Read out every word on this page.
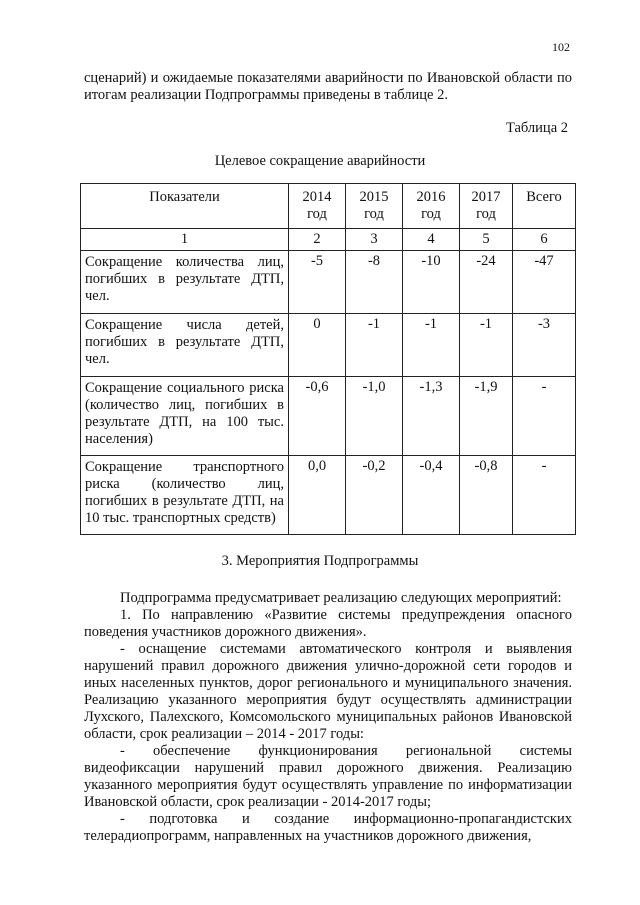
102

сценарий) и ожидаемые показателями аварийности по Ивановской области по итогам реализации Подпрограммы приведены в таблице 2.

Таблица 2
Целевое сокращение аварийности
Показатели	2014 год	2015 год	2016 год	2017 год	Всего
1	2	3	4	5	6
Сокращение количества лиц, погибших в результате ДТП, чел.	-5	-8	-10	-24	-47
Сокращение числа детей, погибших в результате ДТП, чел.	0	-1	-1	-1	-3
Сокращение социального риска (количество лиц, погибших в результате ДТП, на 100 тыс. населения)	-0,6	-1,0	-1,3	-1,9	-
Сокращение транспортного риска (количество лиц, погибших в результате ДТП, на 10 тыс. транспортных средств)	0,0	-0,2	-0,4	-0,8	-
3. Мероприятия Подпрограммы

Подпрограмма предусматривает реализацию следующих мероприятий:

1. По направлению «Развитие системы предупреждения опасного поведения участников дорожного движения».

- оснащение системами автоматического контроля и выявления нарушений правил дорожного движения улично-дорожной сети городов и иных населенных пунктов, дорог регионального и муниципального значения. Реализацию указанного мероприятия будут осуществлять администрации Лухского, Палехского, Комсомольского муниципальных районов Ивановской области, срок реализации – 2014 - 2017 годы:

- обеспечение функционирования региональной системы видеофиксации нарушений правил дорожного движения. Реализацию указанного мероприятия будут осуществлять управление по информатизации Ивановской области, срок реализации - 2014-2017 годы;

- подготовка и создание информационно-пропагандистских телерадиопрограмм, направленных на участников дорожного движения,
